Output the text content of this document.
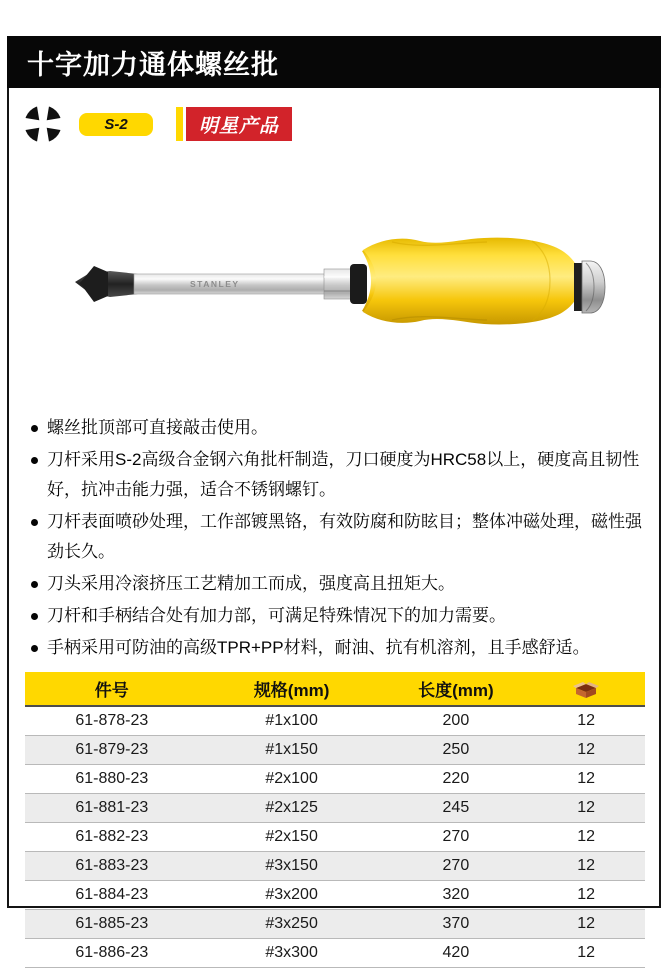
十字加力通体螺丝批
S-2	明星产品
STANLEY
螺丝批顶部可直接敲击使用。
刀杆采用S-2高级合金钢六角批杆制造，刀口硬度为HRC58以上，硬度高且韧性好，抗冲击能力强，适合不锈钢螺钉。
刀杆表面喷砂处理，工作部镀黑铬，有效防腐和防眩目；整体冲磁处理，磁性强劲长久。
刀头采用冷滚挤压工艺精加工而成，强度高且扭矩大。
刀杆和手柄结合处有加力部，可满足特殊情况下的加力需要。
手柄采用可防油的高级TPR+PP材料，耐油、抗有机溶剂，且手感舒适。
件号	规格(mm)	长度(mm)	
61-878-23	#1x100	200	12
61-879-23	#1x150	250	12
61-880-23	#2x100	220	12
61-881-23	#2x125	245	12
61-882-23	#2x150	270	12
61-883-23	#3x150	270	12
61-884-23	#3x200	320	12
61-885-23	#3x250	370	12
61-886-23	#3x300	420	12
